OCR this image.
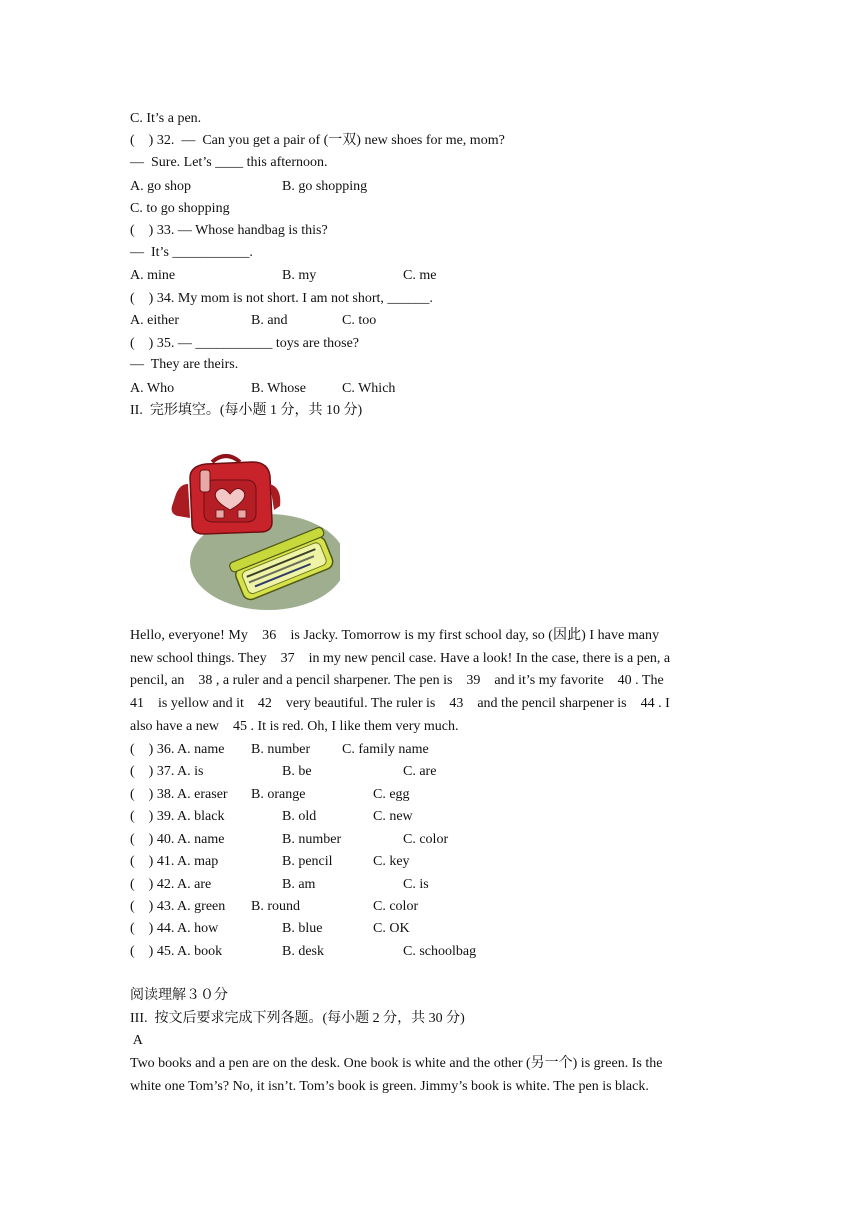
C. It’s a pen.
(    ) 32.  —  Can you get a pair of (一双) new shoes for me, mom?
—  Sure. Let’s ____ this afternoon.
A. go shop	B. go shopping
C. to go shopping
(    ) 33. — Whose handbag is this?
—  It’s ___________.
A. mine	B. my	C. me
(    ) 34. My mom is not short. I am not short, ______.
A. either	B. and	C. too
(    ) 35. — ___________ toys are those?
—  They are theirs.
A. Who	B. Whose	C. Which
II.  完形填空。(每小题 1 分，共 10 分)
Hello, everyone! My    36    is Jacky. Tomorrow is my first school day, so (因此) I have many
new school things. They    37    in my new pencil case. Have a look! In the case, there is a pen, a
pencil, an    38 , a ruler and a pencil sharpener. The pen is    39    and it’s my favorite    40 . The
41    is yellow and it    42    very beautiful. The ruler is    43    and the pencil sharpener is    44 . I
also have a new    45 . It is red. Oh, I like them very much.
(    ) 36. A. name B. number C. family name
(    ) 37. A. is	B. be	C. are
(    ) 38. A. eraser B. orange	C. egg
(    ) 39. A. black	B. old	C. new
(    ) 40. A. name	B. number	C. color
(    ) 41. A. map	B. pencil	C. key
(    ) 42. A. are	B. am	C. is
(    ) 43. A. green B. round	C. color
(    ) 44. A. how	B. blue	C. OK
(    ) 45. A. book	B. desk	C. schoolbag
阅读理解３０分
III.  按文后要求完成下列各题。(每小题 2 分，共 30 分)
A
Two books and a pen are on the desk. One book is white and the other (另一个) is green. Is the
white one Tom’s? No, it isn’t. Tom’s book is green. Jimmy’s book is white. The pen is black.
